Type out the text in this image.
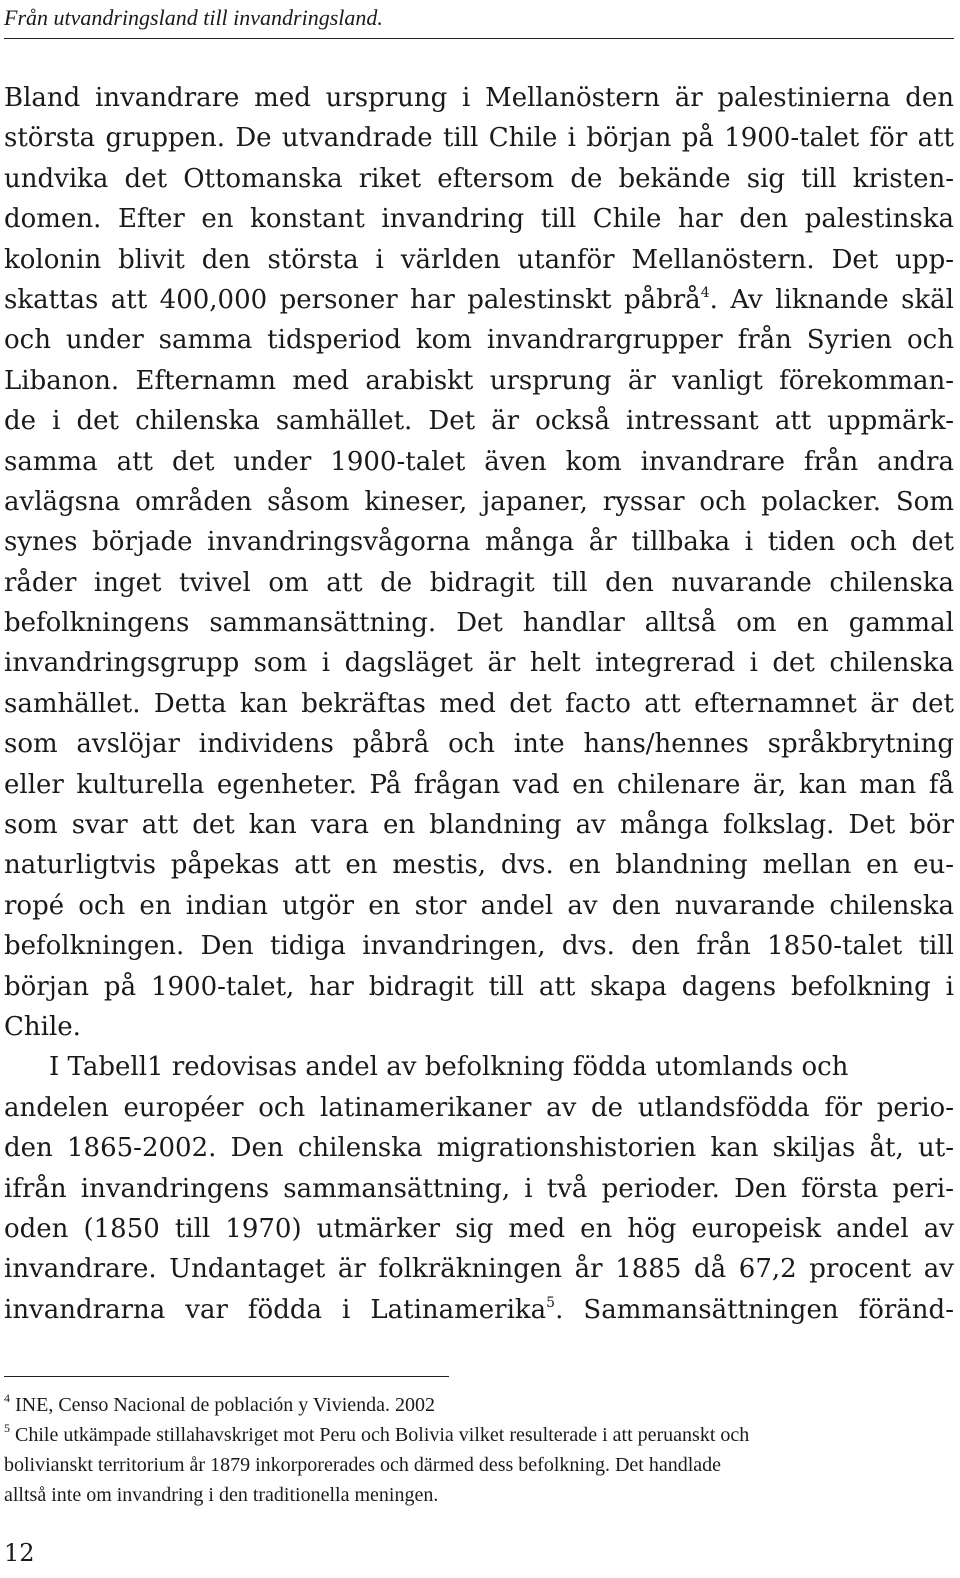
Från utvandringsland till invandringsland.
Bland invandrare med ursprung i Mellanöstern är palestinierna den
största gruppen. De utvandrade till Chile i början på 1900-talet för att
undvika det Ottomanska riket eftersom de bekände sig till kristen-
domen. Efter en konstant invandring till Chile har den palestinska
kolonin blivit den största i världen utanför Mellanöstern. Det upp-
skattas att 400,000 personer har palestinskt påbrå$^4$. Av liknande skäl
och under samma tidsperiod kom invandrargrupper från Syrien och
Libanon. Efternamn med arabiskt ursprung är vanligt förekomman-
de i det chilenska samhället. Det är också intressant att uppmärk-
samma att det under 1900-talet även kom invandrare från andra
avlägsna områden såsom kineser, japaner, ryssar och polacker. Som
synes började invandringsvågorna många år tillbaka i tiden och det
råder inget tvivel om att de bidragit till den nuvarande chilenska
befolkningens sammansättning. Det handlar alltså om en gammal
invandringsgrupp som i dagsläget är helt integrerad i det chilenska
samhället. Detta kan bekräftas med det facto att efternamnet är det
som avslöjar individens påbrå och inte hans/hennes språkbrytning
eller kulturella egenheter. På frågan vad en chilenare är, kan man få
som svar att det kan vara en blandning av många folkslag. Det bör
naturligtvis påpekas att en mestis, dvs. en blandning mellan en eu-
ropé och en indian utgör en stor andel av den nuvarande chilenska
befolkningen. Den tidiga invandringen, dvs. den från 1850-talet till
början på 1900-talet, har bidragit till att skapa dagens befolkning i
Chile.
I Tabell1 redovisas andel av befolkning födda utomlands och
andelen européer och latinamerikaner av de utlandsfödda för perio-
den 1865-2002. Den chilenska migrationshistorien kan skiljas åt, ut-
ifrån invandringens sammansättning, i två perioder. Den första peri-
oden (1850 till 1970) utmärker sig med en hög europeisk andel av
invandrare. Undantaget är folkräkningen år 1885 då 67,2 procent av
invandrarna var födda i Latinamerika$^5$. Sammansättningen föränd-
$^4$ INE, Censo Nacional de población y Vivienda. 2002
$^5$ Chile utkämpade stillahavskriget mot Peru och Bolivia vilket resulterade i att peruanskt och
bolivianskt territorium år 1879 inkorporerades och därmed dess befolkning. Det handlade
alltså inte om invandring i den traditionella meningen.
12
